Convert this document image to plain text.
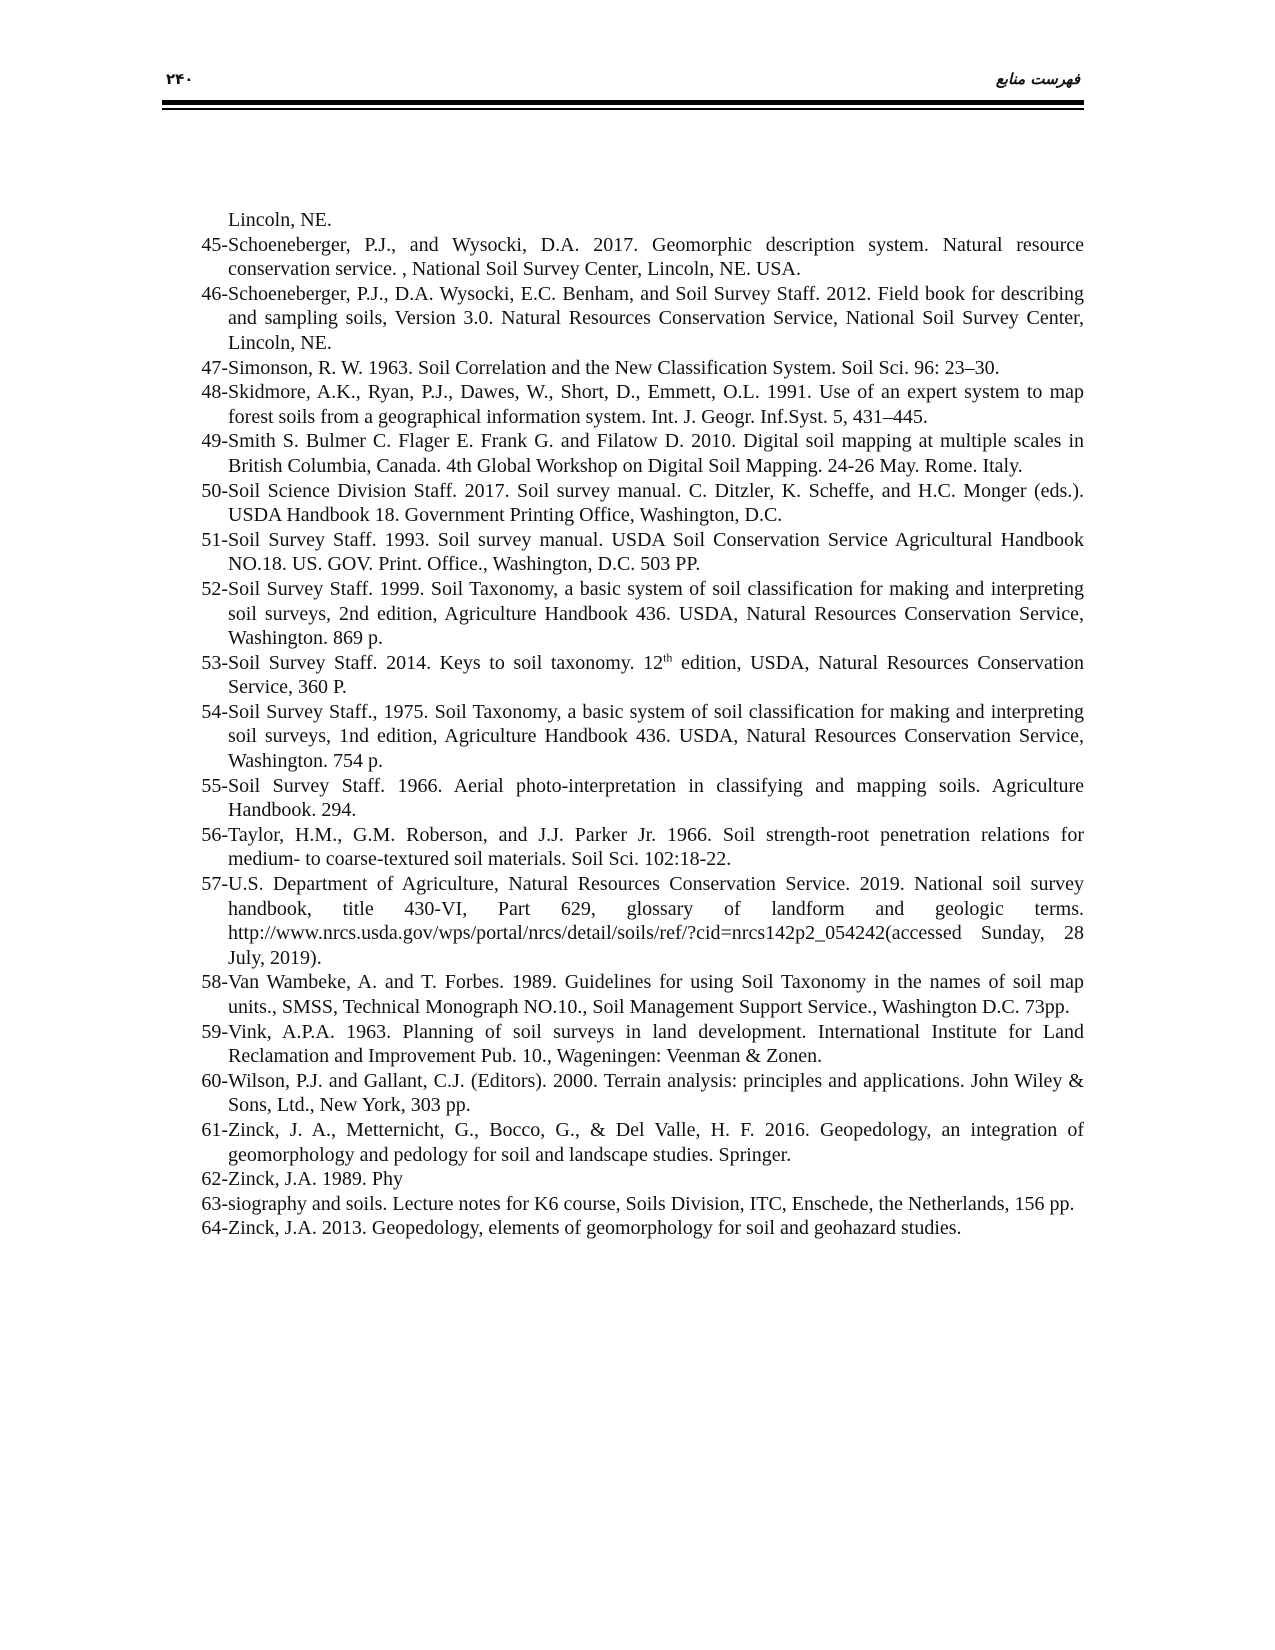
۲۴۰	فهرست منابع

Lincoln, NE.

45- Schoeneberger, P.J., and Wysocki, D.A. 2017. Geomorphic description system. Natural resource conservation service. , National Soil Survey Center, Lincoln, NE. USA.
46- Schoeneberger, P.J., D.A. Wysocki, E.C. Benham, and Soil Survey Staff. 2012. Field book for describing and sampling soils, Version 3.0. Natural Resources Conservation Service, National Soil Survey Center, Lincoln, NE.
47- Simonson, R. W. 1963. Soil Correlation and the New Classification System. Soil Sci. 96: 23–30.
48- Skidmore, A.K., Ryan, P.J., Dawes, W., Short, D., Emmett, O.L. 1991. Use of an expert system to map forest soils from a geographical information system. Int. J. Geogr. Inf.Syst. 5, 431–445.
49- Smith S. Bulmer C. Flager E. Frank G. and Filatow D. 2010. Digital soil mapping at multiple scales in British Columbia, Canada. 4th Global Workshop on Digital Soil Mapping. 24-26 May. Rome. Italy.
50- Soil Science Division Staff. 2017. Soil survey manual. C. Ditzler, K. Scheffe, and H.C. Monger (eds.). USDA Handbook 18. Government Printing Office, Washington, D.C.
51- Soil Survey Staff. 1993. Soil survey manual. USDA Soil Conservation Service Agricultural Handbook NO.18. US. GOV. Print. Office., Washington, D.C. 503 PP.
52- Soil Survey Staff. 1999. Soil Taxonomy, a basic system of soil classification for making and interpreting soil surveys, 2nd edition, Agriculture Handbook 436. USDA, Natural Resources Conservation Service, Washington. 869 p.
53- Soil Survey Staff. 2014. Keys to soil taxonomy. 12th edition, USDA, Natural Resources Conservation Service, 360 P.
54- Soil Survey Staff., 1975. Soil Taxonomy, a basic system of soil classification for making and interpreting soil surveys, 1nd edition, Agriculture Handbook 436. USDA, Natural Resources Conservation Service, Washington. 754 p.
55- Soil Survey Staff. 1966. Aerial photo-interpretation in classifying and mapping soils. Agriculture Handbook. 294.
56- Taylor, H.M., G.M. Roberson, and J.J. Parker Jr. 1966. Soil strength-root penetration relations for medium- to coarse-textured soil materials. Soil Sci. 102:18-22.
57- U.S. Department of Agriculture, Natural Resources Conservation Service. 2019. National soil survey handbook, title 430-VI, Part 629, glossary of landform and geologic terms. http://www.nrcs.usda.gov/wps/portal/nrcs/detail/soils/ref/?cid=nrcs142p2_054242(accessed Sunday, 28 July, 2019).
58- Van Wambeke, A. and T. Forbes. 1989. Guidelines for using Soil Taxonomy in the names of soil map units., SMSS, Technical Monograph NO.10., Soil Management Support Service., Washington D.C. 73pp.
59- Vink, A.P.A. 1963. Planning of soil surveys in land development. International Institute for Land Reclamation and Improvement Pub. 10., Wageningen: Veenman & Zonen.
60- Wilson, P.J. and Gallant, C.J. (Editors). 2000. Terrain analysis: principles and applications. John Wiley & Sons, Ltd., New York, 303 pp.
61- Zinck, J. A., Metternicht, G., Bocco, G., & Del Valle, H. F. 2016. Geopedology, an integration of geomorphology and pedology for soil and landscape studies. Springer.
62- Zinck, J.A. 1989. Phy
63- siography and soils. Lecture notes for K6 course, Soils Division, ITC, Enschede, the Netherlands, 156 pp.
64- Zinck, J.A. 2013. Geopedology, elements of geomorphology for soil and geohazard studies.
